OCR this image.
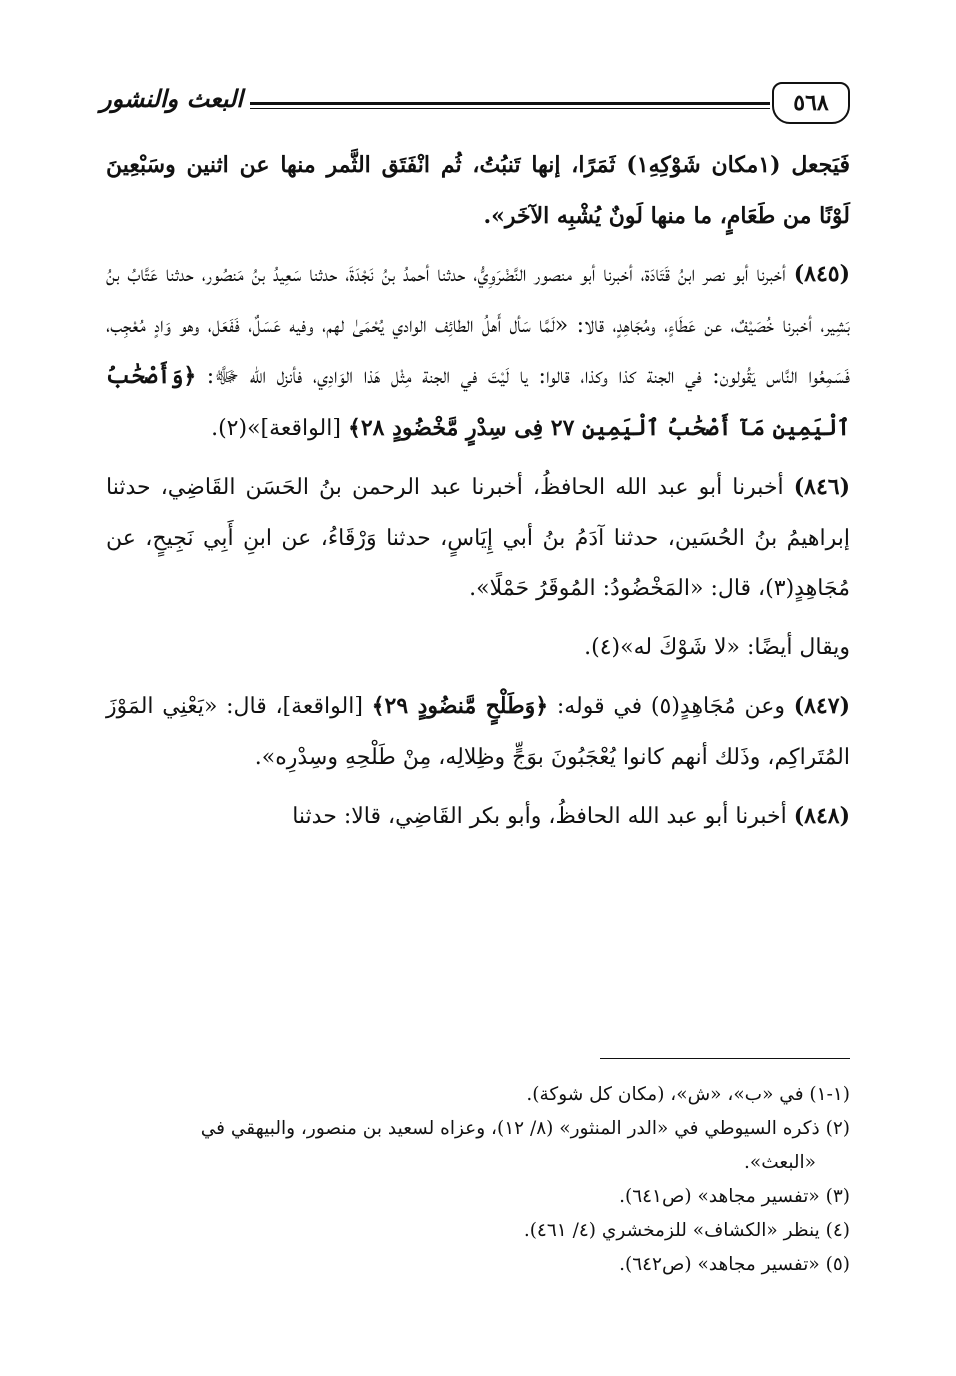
٥٦٨
البعث والنشور

فَيَجعل (١مكان شَوْكِهِ١) ثَمَرًا، إنها تَنبُتُ، ثُم انْفَتَق الثَّمر منها عن اثنين وسَبْعِينَ لَوْنًا من طَعَامٍ، ما منها لَونٌ يُشْبِه الآخَر».

(٨٤٥) أخبرنا أبو نصر ابنُ قَتَادَة، أخبرنا أبو منصور النَّضْرَوِيُّ، حدثنا أحمدُ بنُ نَجْدَةَ، حدثنا سَعِيدُ بنُ مَنصُور، حدثنا عَتَّابُ بنُ بَشِير، أخبرنا خُصَيْفٌ، عن عَطَاءٍ، ومُجَاهِدٍ، قالا: «لَمَّا سَأل أَهلُ الطائِف الوادي يُحْمَىٰ لهم، وفيه عَسَلٌ، فَفَعَل، وهو وَادٍ مُعْجِب، فَسَمِعُوا النَّاس يَقُولون: في الجنة كذا وكذا، قالوا: يا لَيْتَ في الجنة مِثْل هَذا الوَادِي، فأنزل الله ﷻ: ﴿وَأَصْحَٰبُ ٱلْيَمِينِ مَآ أَصْحَٰبُ ٱلْيَمِينِ ٢٧ فِى سِدْرٍ مَّخْضُودٍ ٢٨﴾ [الواقعة]»(٢).

(٨٤٦) أخبرنا أبو عبد الله الحافظُ، أخبرنا عبد الرحمن بنُ الحَسَن القَاضِي، حدثنا إبراهيمُ بنُ الحُسَين، حدثنا آدَمُ بنُ أبي إِيَاسٍ، حدثنا وَرْقَاءُ، عن ابنِ أَبِي نَجِيحٍ، عن مُجَاهِدٍ(٣)، قال: «المَخْضُودُ: المُوقَرُ حَمْلًا».

ويقال أيضًا: «لا شَوْكَ له»(٤).

(٨٤٧) وعن مُجَاهِدٍ(٥) في قوله: ﴿وَطَلْحٍ مَّنضُودٍ ٢٩﴾ [الواقعة]، قال: «يَعْنِي المَوْزَ المُتَراكِم، وذَلك أنهم كانوا يُعْجَبُونَ بوَجٍّ وظِلالِه، مِنْ طَلْحِهِ وسِدْرِه».

(٨٤٨) أخبرنا أبو عبد الله الحافظُ، وأبو بكر القَاضِي، قالا: حدثنا

(١-١) في «ب»، «ش»، (مكان كل شوكة).
(٢) ذكره السيوطي في «الدر المنثور» (٨/ ١٢)، وعزاه لسعيد بن منصور، والبيهقي في
«البعث».
(٣) «تفسير مجاهد» (ص٦٤١).
(٤) ينظر «الكشاف» للزمخشري (٤/ ٤٦١).
(٥) «تفسير مجاهد» (ص٦٤٢).
